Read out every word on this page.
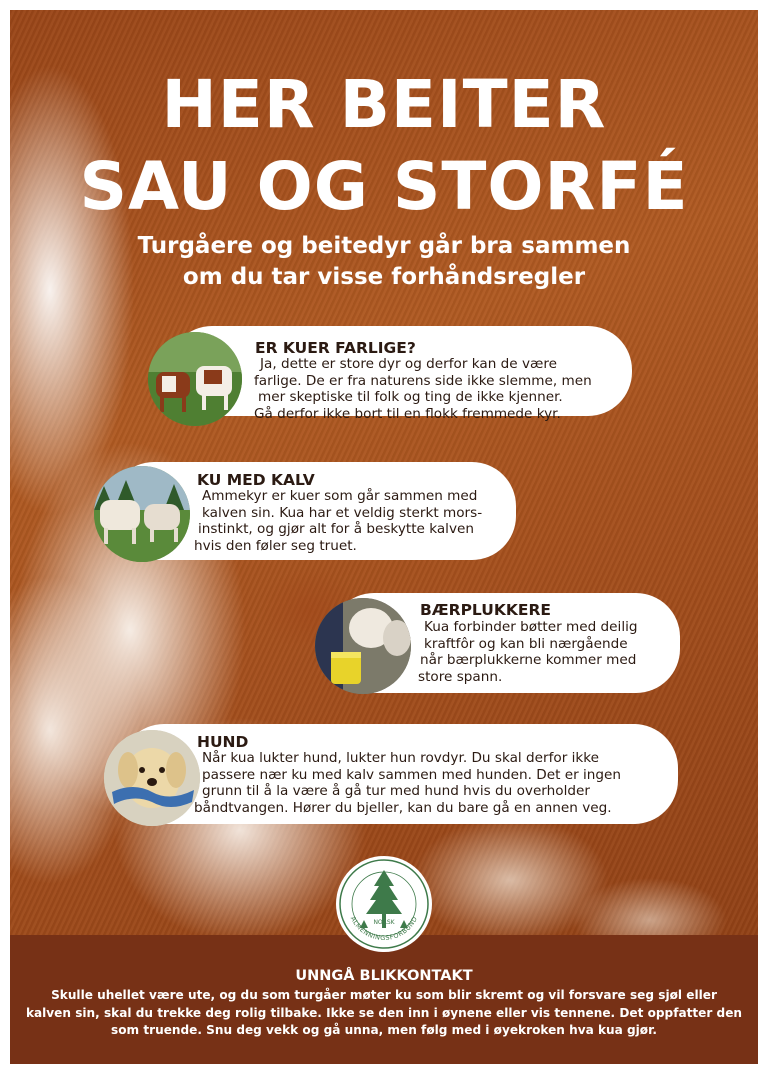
HER BEITER
SAU OG STORFÉ
Turgåere og beitedyr går bra sammen
om du tar visse forhåndsregler
ER KUER FARLIGE?
Ja, dette er store dyr og derfor kan de være
farlige. De er fra naturens side ikke slemme, men
mer skeptiske til folk og ting de ikke kjenner.
Gå derfor ikke bort til en flokk fremmede kyr.
KU MED KALV
Ammekyr er kuer som går sammen med
kalven sin. Kua har et veldig sterkt mors-
instinkt, og gjør alt for å beskytte kalven
hvis den føler seg truet.
BÆRPLUKKERE
Kua forbinder bøtter med deilig
kraftfôr og kan bli nærgående
når bærplukkerne kommer med
store spann.
HUND
Når kua lukter hund, lukter hun rovdyr. Du skal derfor ikke
passere nær ku med kalv sammen med hunden. Det er ingen
grunn til å la være å gå tur med hund hvis du overholder
båndtvangen. Hører du bjeller, kan du bare gå en annen veg.
UNNGÅ BLIKKONTAKT
Skulle uhellet være ute, og du som turgåer møter ku som blir skremt og vil forsvare seg sjøl eller
kalven sin, skal du trekke deg rolig tilbake. Ikke se den inn i øynene eller vis tennene. Det oppfatter den
som truende. Snu deg vekk og gå unna, men følg med i øyekroken hva kua gjør.
NORSK
ALMENNINGSFORBUND
